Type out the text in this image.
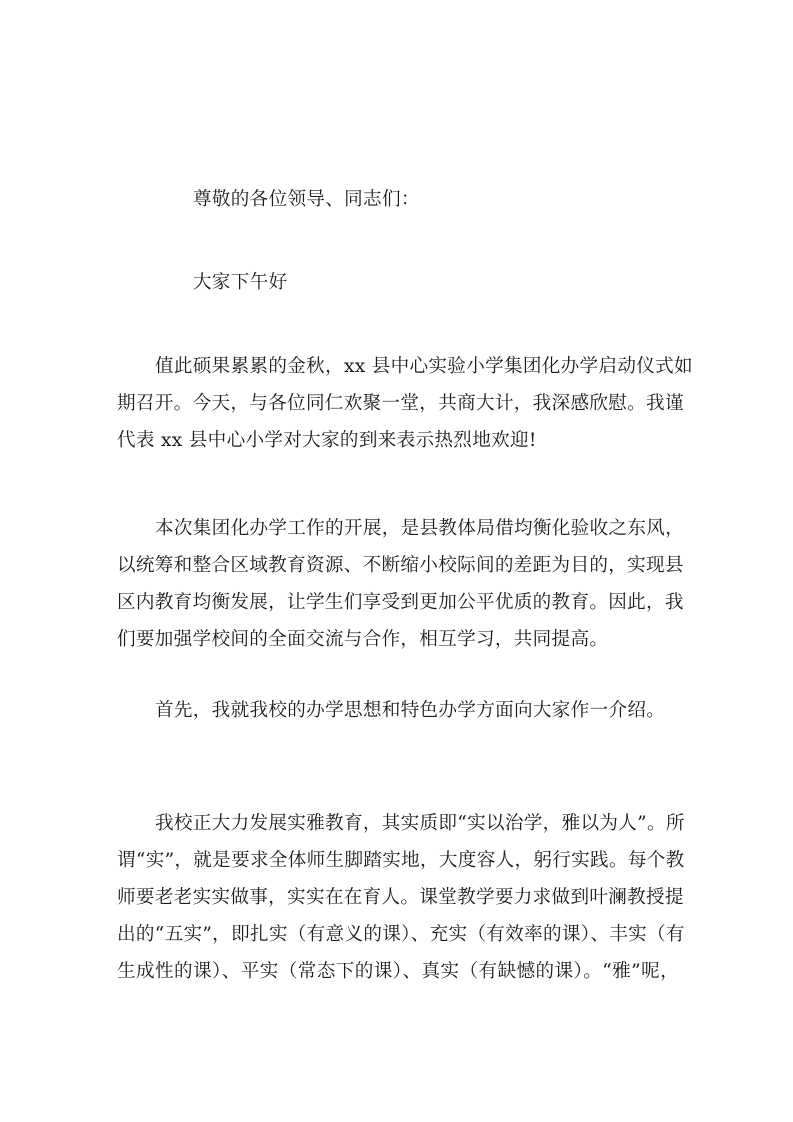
尊敬的各位领导、同志们：

大家下午好

值此硕果累累的金秋，xx 县中心实验小学集团化办学启动仪式如
期召开。今天，与各位同仁欢聚一堂，共商大计，我深感欣慰。我谨
代表 xx 县中心小学对大家的到来表示热烈地欢迎!
本次集团化办学工作的开展，是县教体局借均衡化验收之东风，
以统筹和整合区域教育资源、不断缩小校际间的差距为目的，实现县
区内教育均衡发展，让学生们享受到更加公平优质的教育。因此，我
们要加强学校间的全面交流与合作，相互学习，共同提高。
首先，我就我校的办学思想和特色办学方面向大家作一介绍。
我校正大力发展实雅教育，其实质即“实以治学，雅以为人”。所
谓“实”，就是要求全体师生脚踏实地，大度容人，躬行实践。每个教
师要老老实实做事，实实在在育人。课堂教学要力求做到叶澜教授提
出的“五实”，即扎实（有意义的课）、充实（有效率的课）、丰实（有
生成性的课）、平实（常态下的课）、真实（有缺憾的课）。“雅”呢，
